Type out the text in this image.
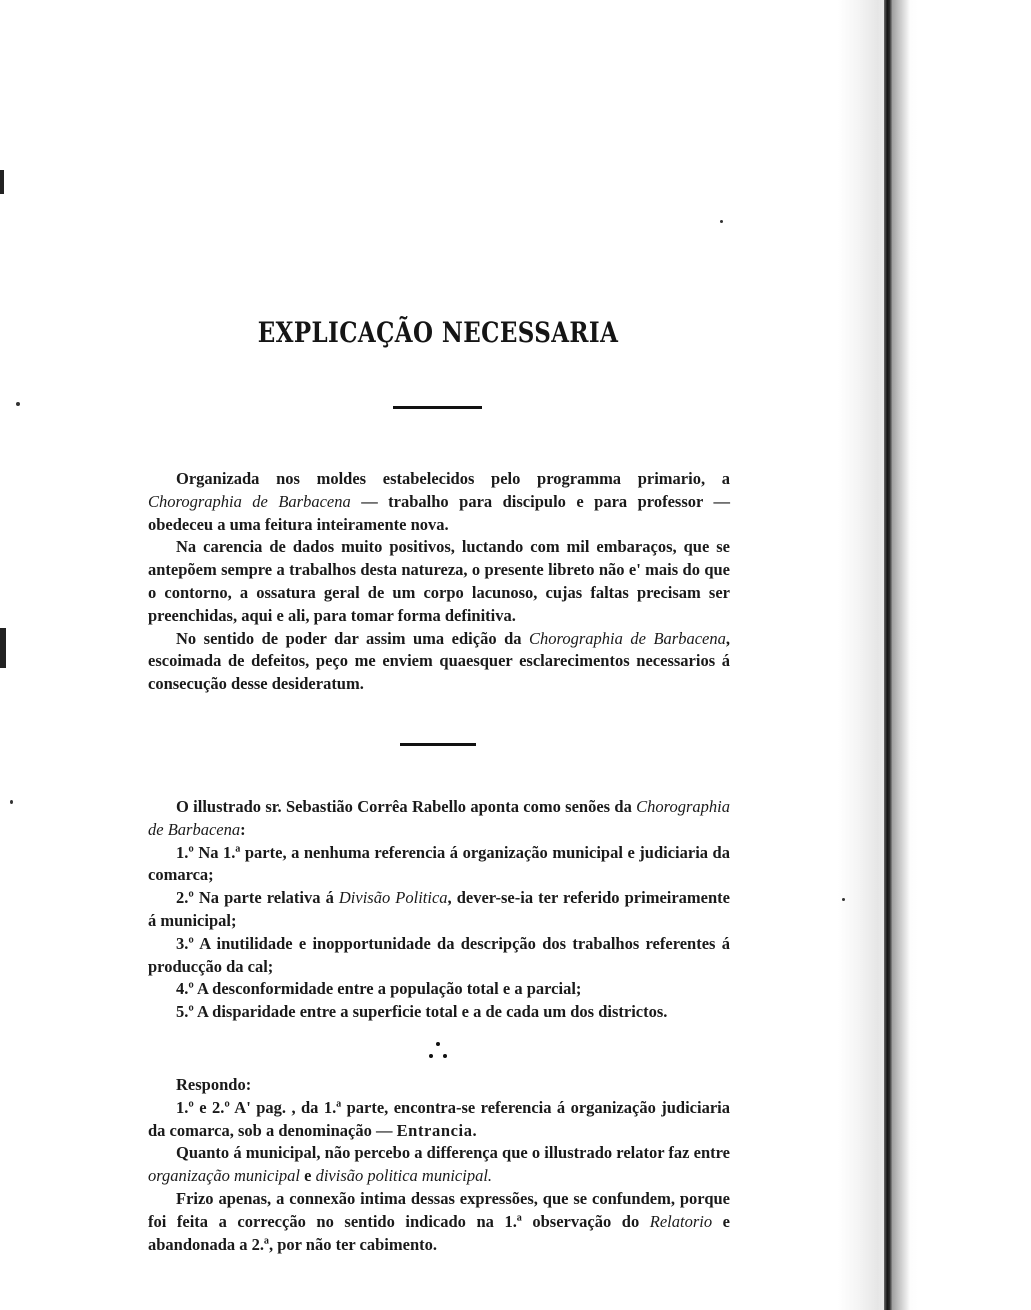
EXPLICAÇÃO NECESSARIA

Organizada nos moldes estabelecidos pelo programma primario, a Chorographia de Barbacena — trabalho para discipulo e para professor — obedeceu a uma feitura inteiramente nova.

Na carencia de dados muito positivos, luctando com mil embaraços, que se antepõem sempre a trabalhos desta natureza, o presente libreto não e' mais do que o contorno, a ossatura geral de um corpo lacunoso, cujas faltas precisam ser preenchidas, aqui e ali, para tomar forma definitiva.

No sentido de poder dar assim uma edição da Chorographia de Barbacena, escoimada de defeitos, peço me enviem quaesquer esclarecimentos necessarios á consecução desse desideratum.

O illustrado sr. Sebastião Corrêa Rabello aponta como senões da Chorographia de Barbacena:

1.º Na 1.ª parte, a nenhuma referencia á organização municipal e judiciaria da comarca;

2.º Na parte relativa á Divisão Politica, dever-se-ia ter referido primeiramente á municipal;

3.º A inutilidade e inopportunidade da descripção dos trabalhos referentes á producção da cal;

4.º A desconformidade entre a população total e a parcial;

5.º A disparidade entre a superficie total e a de cada um dos districtos.

Respondo:

1.º e 2.º A' pag. , da 1.ª parte, encontra-se referencia á organização judiciaria da comarca, sob a denominação — Entrancia.

Quanto á municipal, não percebo a differença que o illustrado relator faz entre organização municipal e divisão politica municipal.

Frizo apenas, a connexão intima dessas expressões, que se confundem, porque foi feita a correcção no sentido indicado na 1.ª observação do Relatorio e abandonada a 2.ª, por não ter cabimento.
